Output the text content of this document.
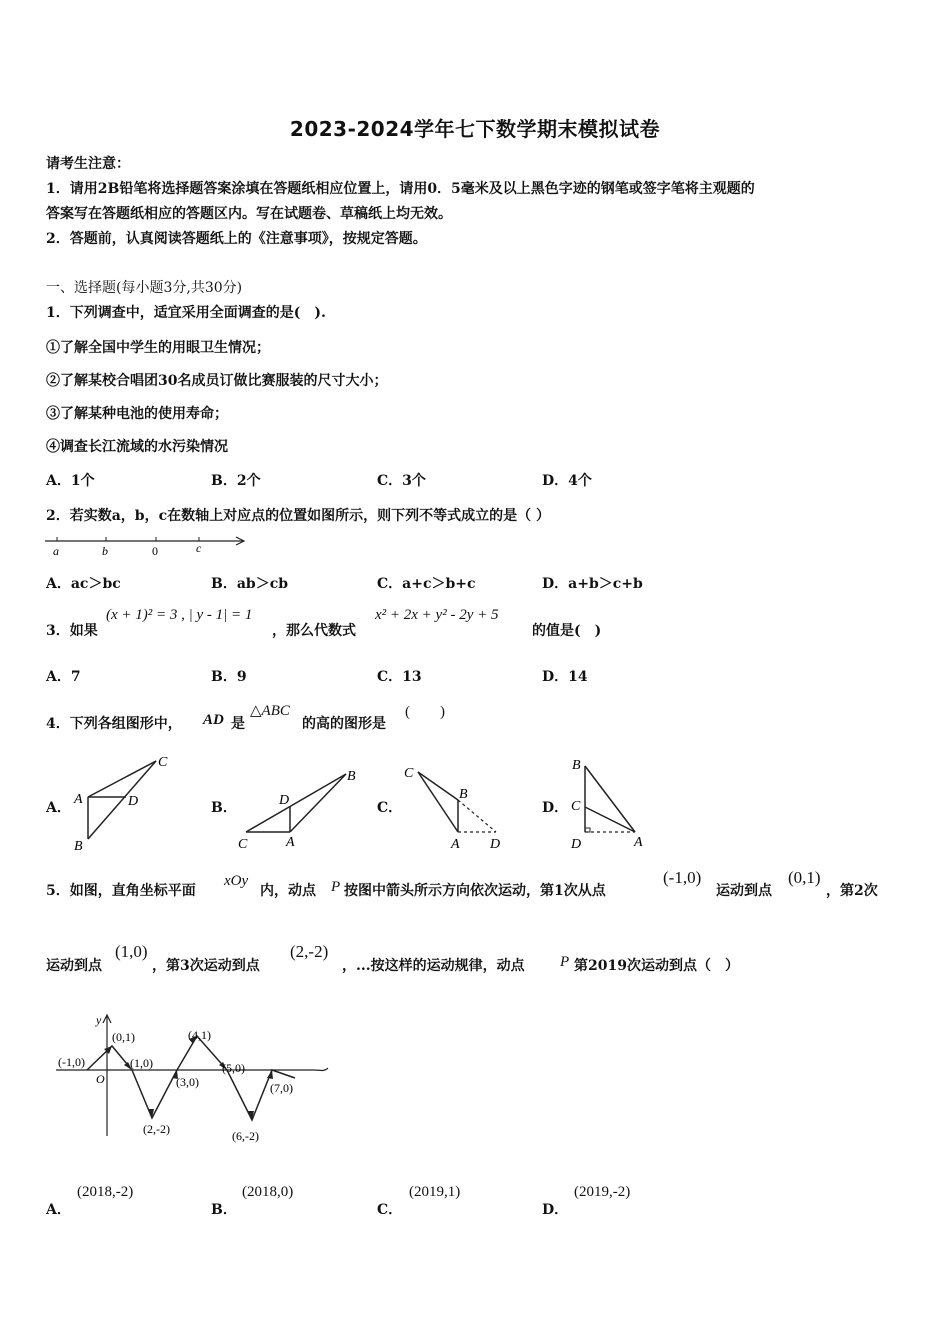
2023-2024学年七下数学期末模拟试卷
请考生注意：
1．请用2B铅笔将选择题答案涂填在答题纸相应位置上，请用0．5毫米及以上黑色字迹的钢笔或签字笔将主观题的
答案写在答题纸相应的答题区内。写在试题卷、草稿纸上均无效。
2．答题前，认真阅读答题纸上的《注意事项》，按规定答题。
一、选择题(每小题3分,共30分)
1．下列调查中，适宜采用全面调查的是(　).
①了解全国中学生的用眼卫生情况；
②了解某校合唱团30名成员订做比赛服装的尺寸大小；
③了解某种电池的使用寿命；
④调查长江流域的水污染情况
A．1个	B．2个	C．3个	D．4个
2．若实数a，b，c在数轴上对应点的位置如图所示，则下列不等式成立的是（ ）
a	b	0	c
A．ac＞bc	B．ab＞cb	C．a+c＞b+c	D．a+b＞c+b
3．如果
(x + 1)² = 3 , | y - 1| = 1
，那么代数式
x² + 2x + y² - 2y + 5
的值是(　)
A．7	B．9	C．13	D．14
4．下列各组图形中， AD 是
△ABC
的高的图形是
(　　)
A．
C
A	D
B
B．
B
D
C	A
C．
C
B
A D
D．
B
C
D	A
5．如图，直角坐标平面
xOy
内，动点 P 按图中箭头所示方向依次运动，第1次从点
(-1,0)
运动到点
(0,1)
，第2次
运动到点
(1,0)
，第3次运动到点
(2,-2)
，...按这样的运动规律，动点 P 第2019次运动到点（　）
y
(0,1)	(4,1)
(-1,0)	(1,0)	(5,0)
O	(3,0)	(7,0)
(2,-2)	(6,-2)
A．
(2018,-2)
B．
(2018,0)
C．
(2019,1)
D．
(2019,-2)
